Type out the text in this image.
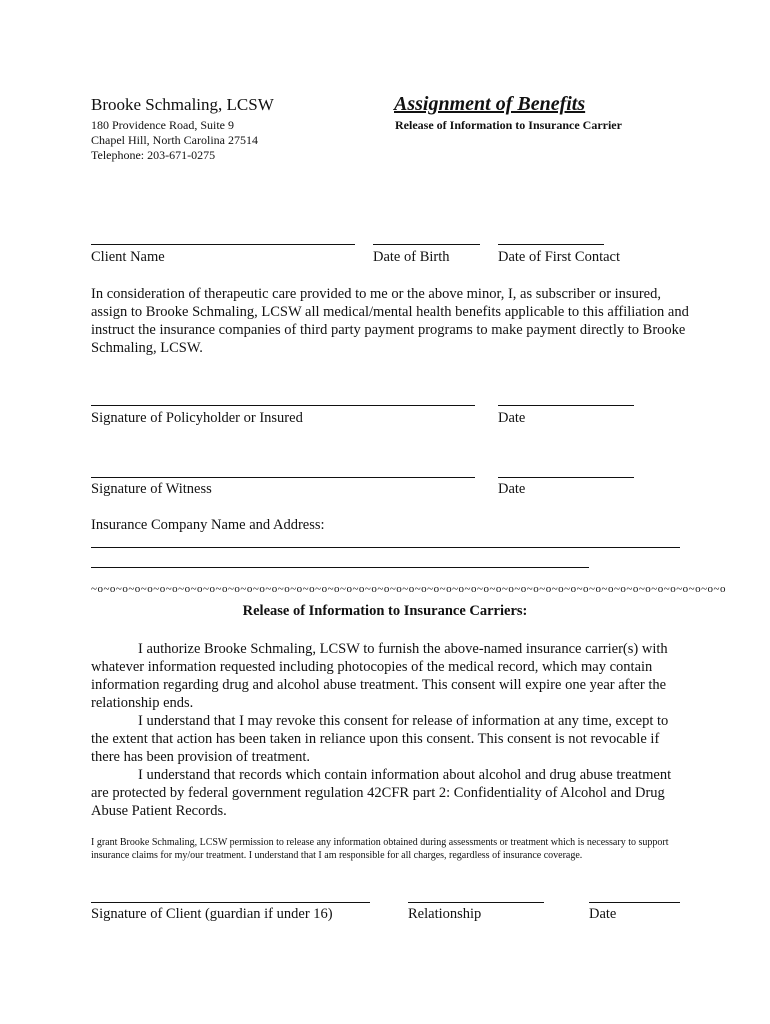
Brooke Schmaling, LCSW
180 Providence Road, Suite 9
Chapel Hill, North Carolina 27514
Telephone: 203-671-0275
Assignment of Benefits
Release of Information to Insurance Carrier
Client Name	Date of Birth	Date of First Contact
In consideration of therapeutic care provided to me or the above minor, I, as subscriber or insured, assign to Brooke Schmaling, LCSW all medical/mental health benefits applicable to this affiliation and instruct the insurance companies of third party payment programs to make payment directly to Brooke Schmaling, LCSW.
Signature of Policyholder or Insured	Date
Signature of Witness	Date
Insurance Company Name and Address:
~o~o~o~o~o~o~o~o~o~o~o~o~o~o~o~o~o~o~o~o~o~o~o~o~o~o~o~o~o~o~o~o~o~o~o~o~o~o~o~o~o~o~o~o~o~o~o~o~o~o~o
Release of Information to Insurance Carriers:

I authorize Brooke Schmaling, LCSW to furnish the above-named insurance carrier(s) with whatever information requested including photocopies of the medical record, which may contain information regarding drug and alcohol abuse treatment. This consent will expire one year after the relationship ends.

I understand that I may revoke this consent for release of information at any time, except to the extent that action has been taken in reliance upon this consent. This consent is not revocable if there has been provision of treatment.

I understand that records which contain information about alcohol and drug abuse treatment are protected by federal government regulation 42CFR part 2: Confidentiality of Alcohol and Drug Abuse Patient Records.

I grant Brooke Schmaling, LCSW permission to release any information obtained during assessments or treatment which is necessary to support insurance claims for my/our treatment. I understand that I am responsible for all charges, regardless of insurance coverage.
Signature of Client (guardian if under 16)	Relationship	Date
